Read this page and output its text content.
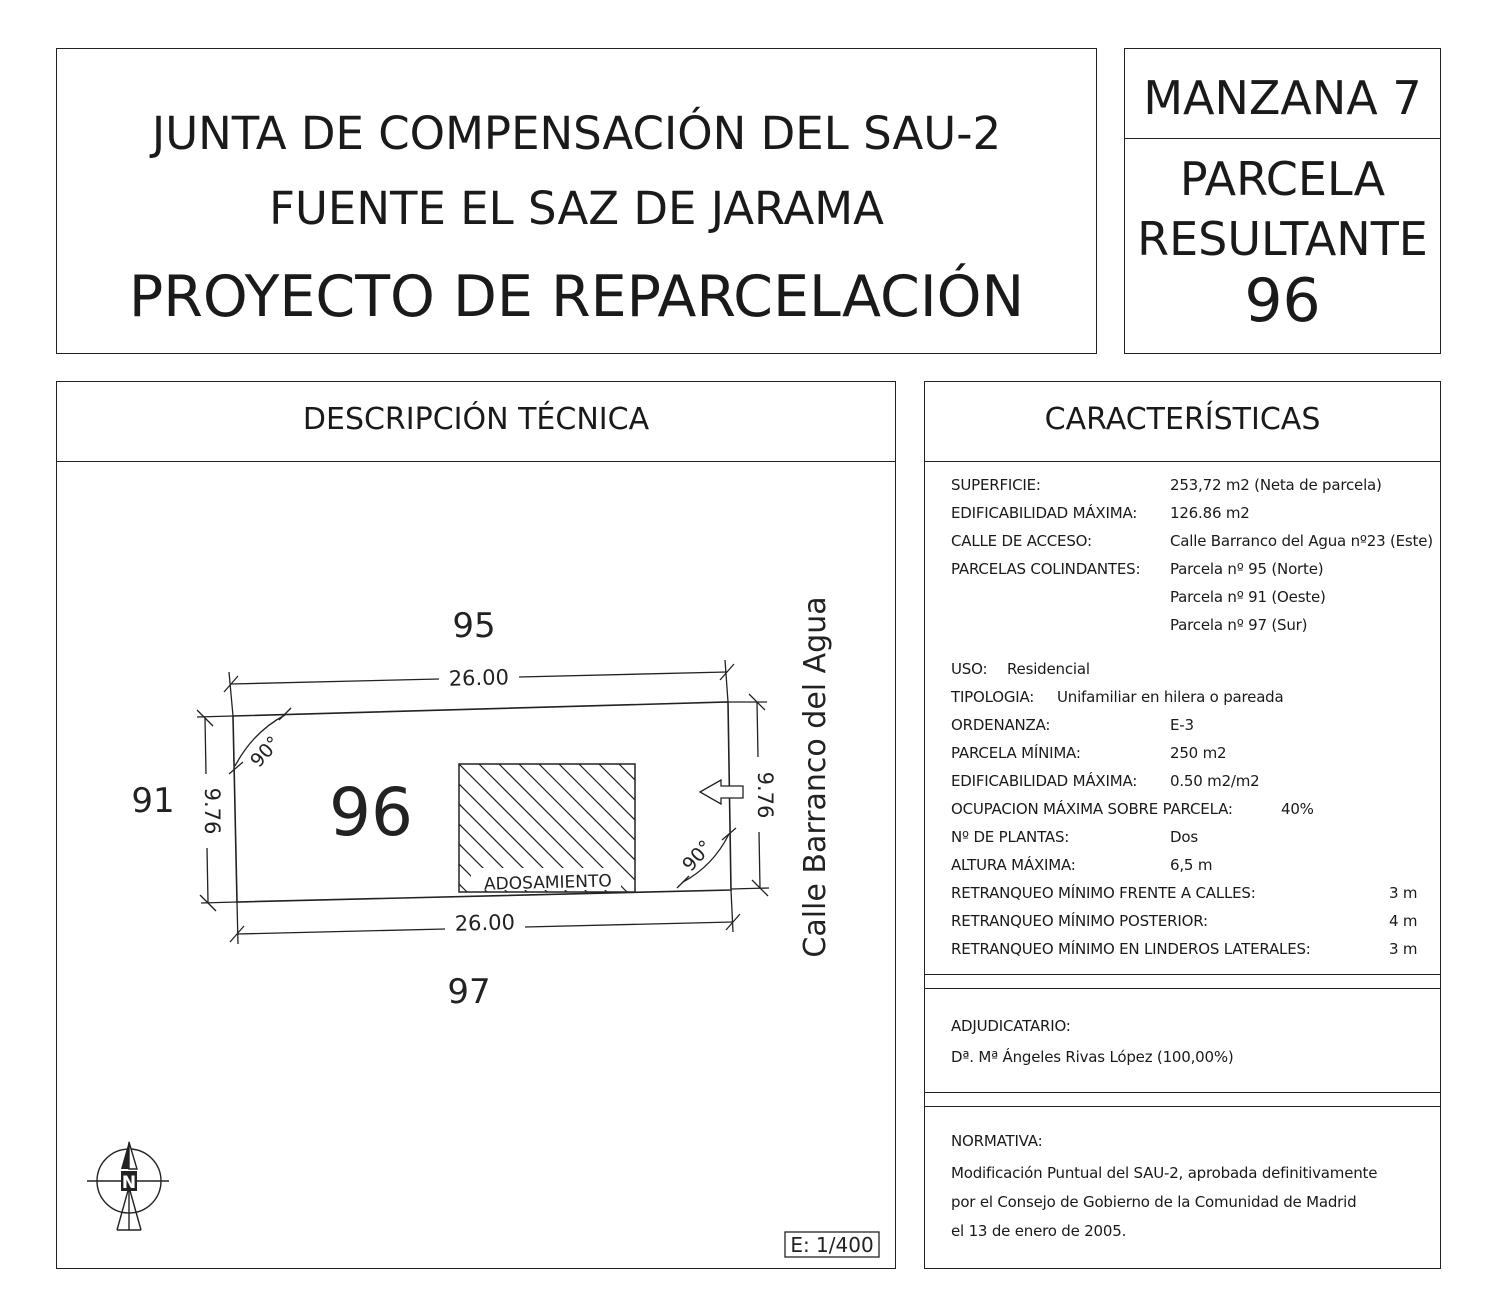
JUNTA DE COMPENSACIÓN DEL SAU-2
FUENTE EL SAZ DE JARAMA
PROYECTO DE REPARCELACIÓN
MANZANA 7
PARCELA
RESULTANTE
96
DESCRIPCIÓN TÉCNICA
95
97
91
ADOSAMIENTO
96
26.00
26.00
9.76	9.76
90°
90°	Calle Barranco del Agua
N
E: 1/400
CARACTERÍSTICAS
SUPERFICIE:	253,72 m2 (Neta de parcela)
EDIFICABILIDAD MÁXIMA: 126.86 m2
CALLE DE ACCESO:	Calle Barranco del Agua nº23 (Este)
PARCELAS COLINDANTES: Parcela nº 95 (Norte)
Parcela nº 91 (Oeste)
Parcela nº 97 (Sur)
USO: Residencial
TIPOLOGIA: Unifamiliar en hilera o pareada
ORDENANZA:	E-3
PARCELA MÍNIMA:	250 m2
EDIFICABILIDAD MÁXIMA: 0.50 m2/m2
OCUPACION MÁXIMA SOBRE PARCELA:	40%
Nº DE PLANTAS:	Dos
ALTURA MÁXIMA:	6,5 m
RETRANQUEO MÍNIMO FRENTE A CALLES:	3 m
RETRANQUEO MÍNIMO POSTERIOR:	4 m
RETRANQUEO MÍNIMO EN LINDEROS LATERALES:	3 m
ADJUDICATARIO:
Dª. Mª Ángeles Rivas López (100,00%)
NORMATIVA:
Modificación Puntual del SAU-2, aprobada definitivamente
por el Consejo de Gobierno de la Comunidad de Madrid
el 13 de enero de 2005.
